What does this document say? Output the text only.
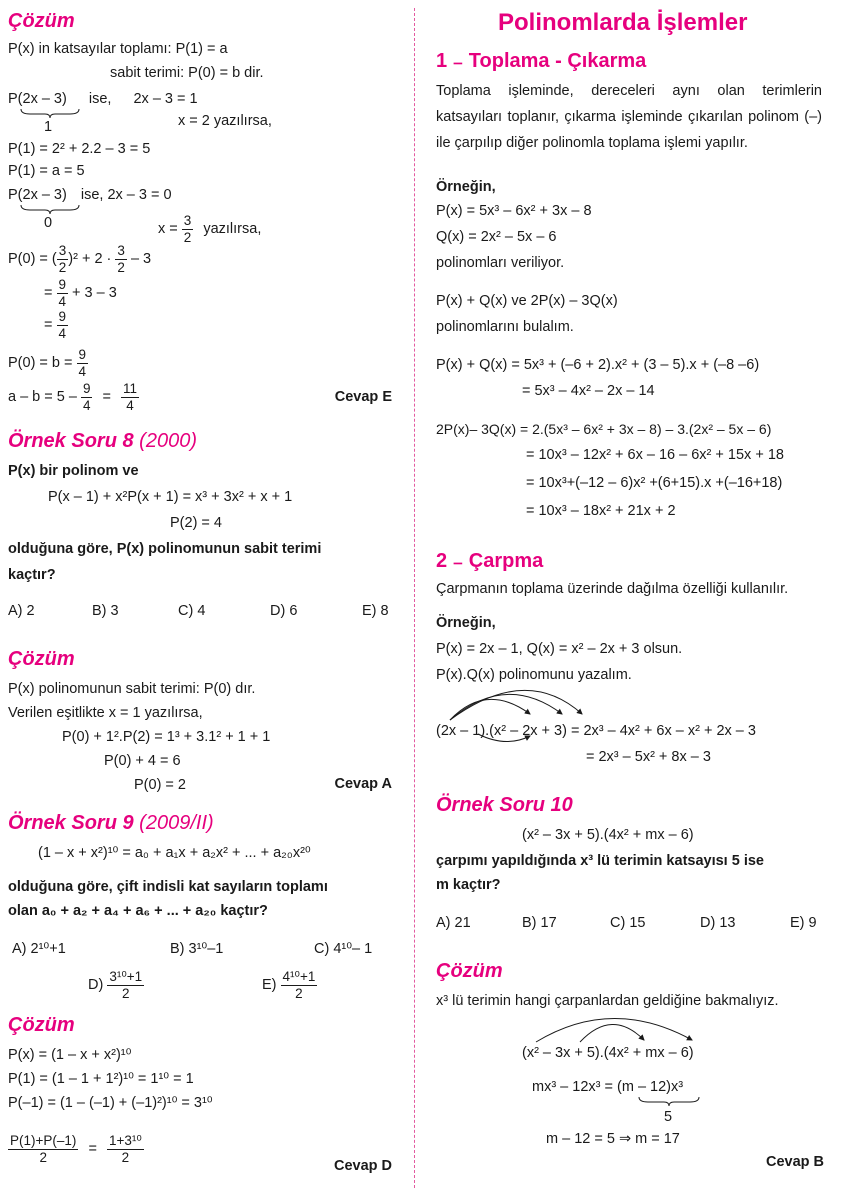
Çözüm
P(x) in katsayılar toplamı: P(1) = a
sabit terimi: P(0) = b dir.
P(2x – 3) ise, 2x – 3 = 1
1	x = 2 yazılırsa,
P(1) = 2² + 2.2 – 3 = 5
P(1) = a = 5
P(2x – 3) ise, 2x – 3 = 0
0	$x = \frac{3}{2}$ yazılırsa,
P(0) = ( $\frac{3}{2} )^2 + 2 \cdot \frac{3}{2} - 3$
= $\frac{9}{4} + 3 - 3$
= $\frac{9}{4}$
$P(0) = b = \frac{9}{4}$
$a - b = 5 - \frac{9}{4} = \frac{11}{4}$	Cevap E
Örnek Soru 8 (2000)
P(x) bir polinom ve
P(x – 1) + x²P(x + 1) = x³ + 3x² + x + 1
P(2) = 4
olduğuna göre, P(x) polinomunun sabit terimi
kaçtır?
A) 2	B) 3	C) 4	D) 6	E) 8
Çözüm
P(x) polinomunun sabit terimi: P(0) dır.
Verilen eşitlikte x = 1 yazılırsa,
P(0) + 1².P(2) = 1³ + 3.1² + 1 + 1
P(0) + 4 = 6
P(0) = 2	Cevap A
Örnek Soru 9 (2009/II)
(1 – x + x²)¹⁰ = a₀ + a₁x + a₂x² + ... + a₂₀x²⁰
olduğuna göre, çift indisli kat sayıların toplamı
olan a₀ + a₂ + a₄ + a₆ + ... + a₂₀ kaçtır?
A) 2¹⁰+1	B) 3¹⁰–1	C) 4¹⁰– 1
$D) \frac{\text{3¹⁰+1}}{2}$	$E) \frac{\text{4¹⁰+1}}{2}$
Çözüm
P(x) = (1 – x + x²)¹⁰
P(1) = (1 – 1 + 1²)¹⁰ = 1¹⁰ = 1
P(–1) = (1 – (–1) + (–1)²)¹⁰ = 3¹⁰
$\frac{P(1)+P(-1)}{2} = \frac{\text{1+3¹⁰}}{2}$
Cevap D
Polinomlarda İşlemler
1 ₋ Toplama - Çıkarma
Toplama işleminde, dereceleri aynı olan terimlerin katsayıları toplanır, çıkarma işleminde çıkarılan polinom (–) ile çarpılıp diğer polinomla toplama işlemi yapılır.
Örneğin,
P(x) = 5x³ – 6x² + 3x – 8
Q(x) = 2x² – 5x – 6
polinomları veriliyor.
P(x) + Q(x) ve 2P(x) – 3Q(x)
polinomlarını bulalım.
P(x) + Q(x) = 5x³ + (–6 + 2).x² + (3 – 5).x + (–8 –6)
= 5x³ – 4x² – 2x – 14
2P(x)– 3Q(x) = 2.(5x³ – 6x² + 3x – 8) – 3.(2x² – 5x – 6)
= 10x³ – 12x² + 6x – 16 – 6x² + 15x + 18
= 10x³+(–12 – 6)x² +(6+15).x +(–16+18)
= 10x³ – 18x² + 21x + 2
2 ₋ Çarpma
Çarpmanın toplama üzerinde dağılma özelliği kullanılır.
Örneğin,
P(x) = 2x – 1, Q(x) = x² – 2x + 3 olsun.
P(x).Q(x) polinomunu yazalım.
(2x – 1).(x² – 2x + 3) = 2x³ – 4x² + 6x – x² + 2x – 3
= 2x³ – 5x² + 8x – 3
Örnek Soru 10
(x² – 3x + 5).(4x² + mx – 6)
çarpımı yapıldığında x³ lü terimin katsayısı 5 ise
m kaçtır?
A) 21	B) 17	C) 15	D) 13	E) 9
Çözüm
x³ lü terimin hangi çarpanlardan geldiğine bakmalıyız.
(x² – 3x + 5).(4x² + mx – 6)
mx³ – 12x³ = (m – 12)x³
5
m – 12 = 5 ⇒ m = 17
Cevap B
